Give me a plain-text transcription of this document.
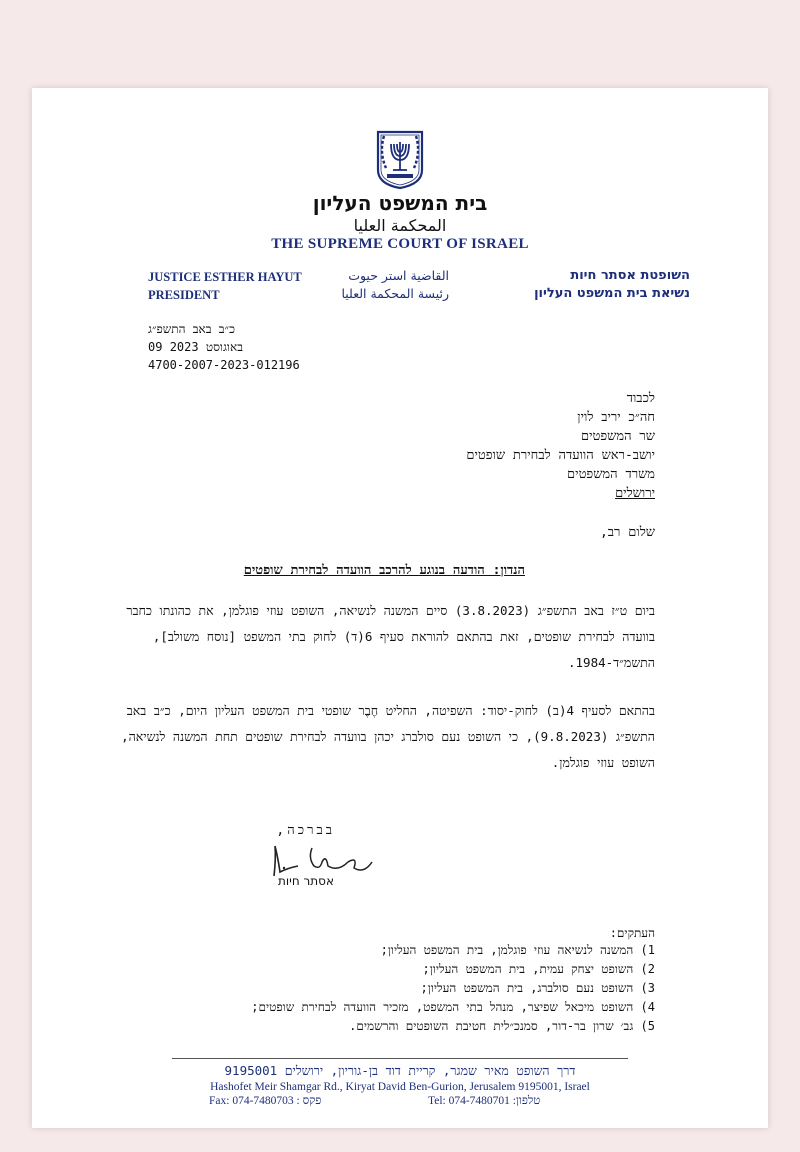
בית המשפט העליון
المحكمة العليا
THE SUPREME COURT OF ISRAEL
JUSTICE ESTHER HAYUT
PRESIDENT
القاضية استر حيوت
رئيسة المحكمة العليا
השופטת אסתר חיות
נשיאת בית המשפט העליון
כ״ב באב התשפ״ג
09 באוגוסט 2023
4700-2007-2023-012196
לכבוד
חה״כ יריב לוין
שר המשפטים
יושב-ראש הוועדה לבחירת שופטים
משרד המשפטים
ירושלים
שלום רב,
הנדון: הודעה בנוגע להרכב הוועדה לבחירת שופטים
ביום ט״ז באב התשפ״ג (3.8.2023) סיים המשנה לנשיאה, השופט עוזי פוגלמן, את כהונתו כחבר בוועדה לבחירת שופטים, זאת בהתאם להוראת סעיף 6(ד) לחוק בתי המשפט [נוסח משולב], התשמ״ד-1984.
בהתאם לסעיף 4(ב) לחוק-יסוד: השפיטה, החליט חֶבֶר שופטי בית המשפט העליון היום, כ״ב באב התשפ״ג (9.8.2023), כי השופט נעם סולברג יכהן בוועדה לבחירת שופטים תחת המשנה לנשיאה, השופט עוזי פוגלמן.
בברכה,
אסתר חיות
העתקים:
1) המשנה לנשיאה עוזי פוגלמן, בית המשפט העליון;
2) השופט יצחק עמית, בית המשפט העליון;
3) השופט נעם סולברג, בית המשפט העליון;
4) השופט מיכאל שפיצר, מנהל בתי המשפט, מזכיר הוועדה לבחירת שופטים;
5) גב׳ שרון בר-דור, סמנכ״לית חטיבת השופטים והרשמים.
דרך השופט מאיר שמגר, קריית דוד בן-גוריון, ירושלים 9195001
Hashofet Meir Shamgar Rd., Kiryat David Ben-Gurion, Jerusalem 9195001, Israel
Fax: 074-7480703 : פקס	Tel: 074-7480701 :טלפון
